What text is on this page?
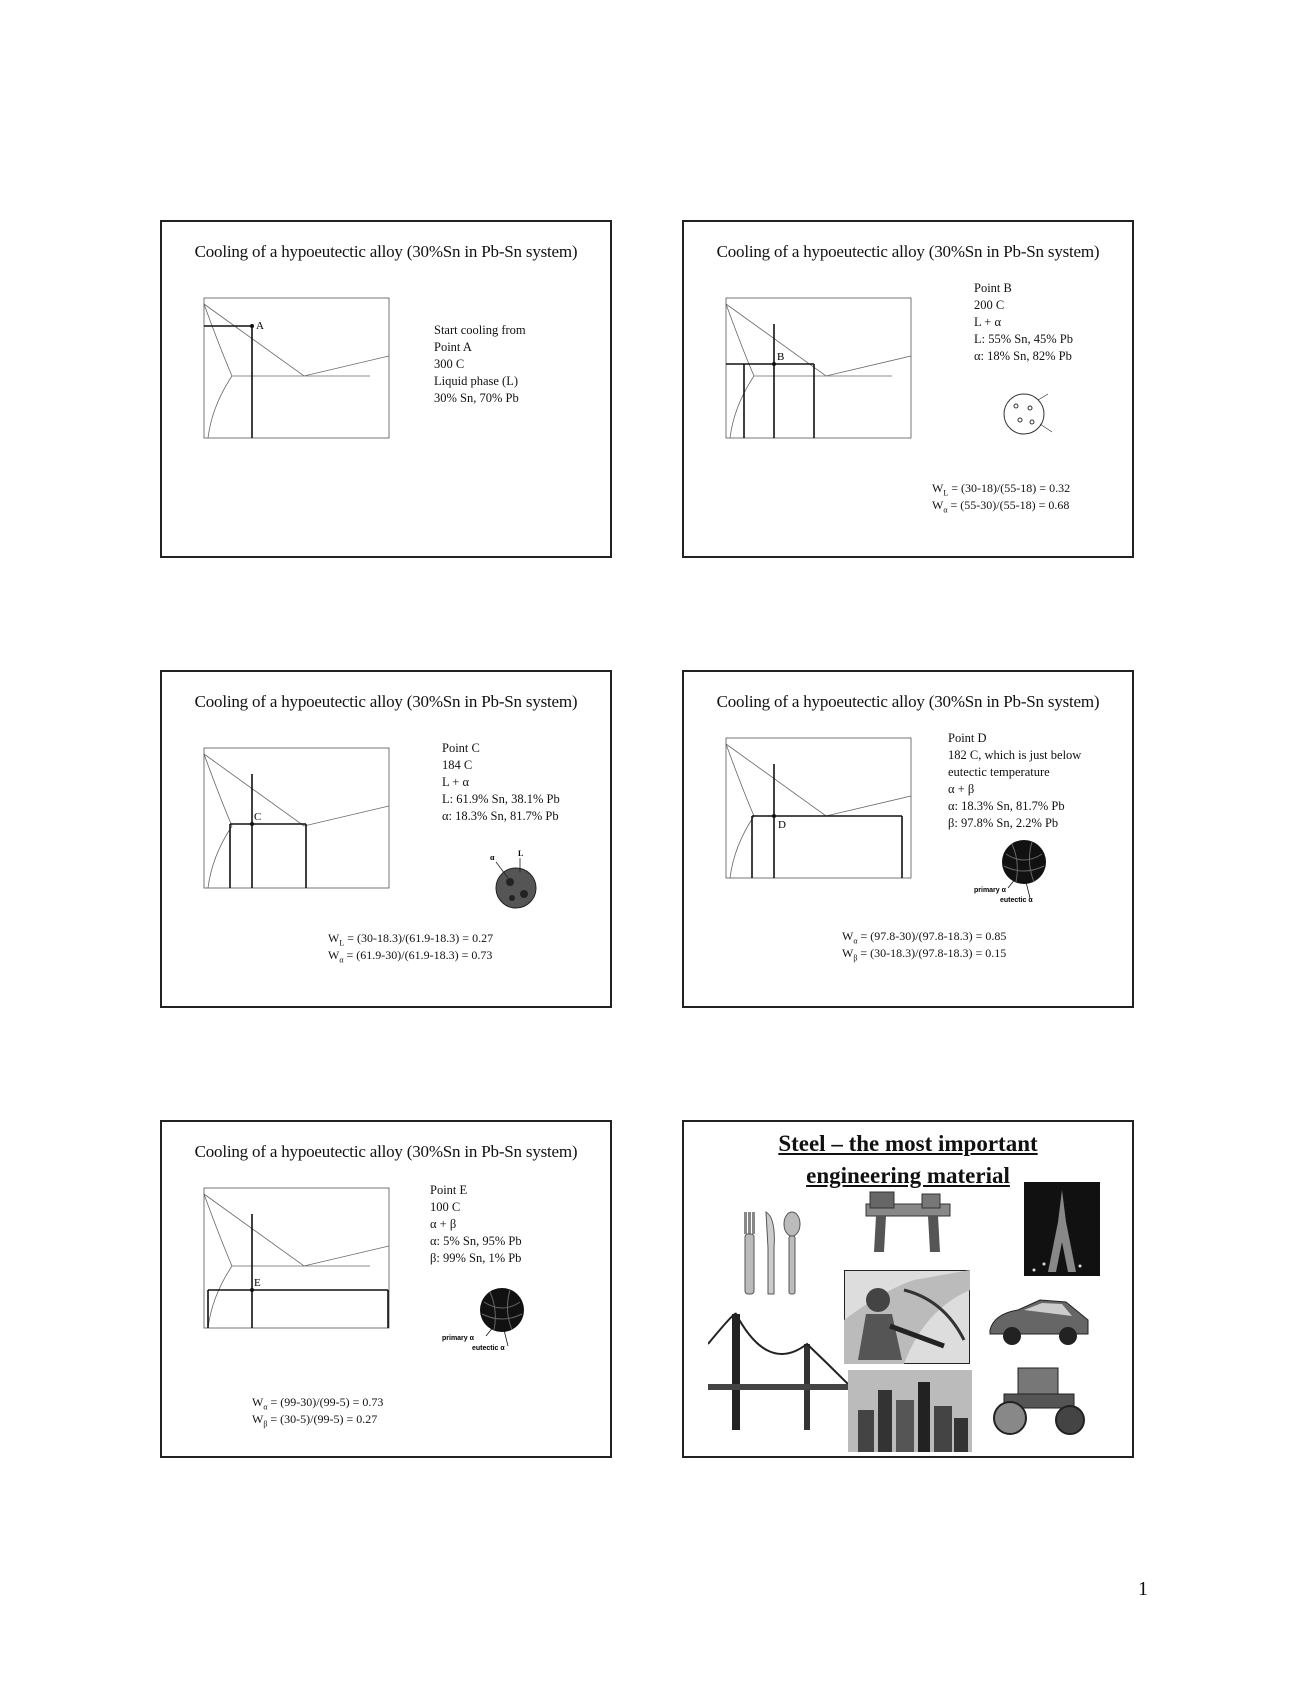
Cooling of a hypoeutectic alloy (30%Sn in Pb-Sn system)
A	Start cooling from
Point A
300 C
Liquid phase (L)
30% Sn, 70% Pb
Cooling of a hypoeutectic alloy (30%Sn in Pb-Sn system)
B
Point B
200 C
L + α
L: 55% Sn, 45% Pb
α: 18% Sn, 82% Pb
$W_L = (30-18)/(55-18) = 0.32$
$W_\alpha = (55-30)/(55-18) = 0.68$
Cooling of a hypoeutectic alloy (30%Sn in Pb-Sn system)
C
Point C
184 C
L + α
L: 61.9% Sn, 38.1% Pb
α: 18.3% Sn, 81.7% Pb
α	L
$W_L = (30-18.3)/(61.9-18.3) = 0.27$
$W_\alpha = (61.9-30)/(61.9-18.3) = 0.73$
Cooling of a hypoeutectic alloy (30%Sn in Pb-Sn system)
D
Point D
182 C, which is just below
eutectic temperature
α + β
α: 18.3% Sn, 81.7% Pb
β: 97.8% Sn, 2.2% Pb
primary α
eutectic α
$W_\alpha = (97.8-30)/(97.8-18.3) = 0.85$
$W_\beta = (30-18.3)/(97.8-18.3) = 0.15$
Cooling of a hypoeutectic alloy (30%Sn in Pb-Sn system)
E
Point E
100 C
α + β
α: 5% Sn, 95% Pb
β: 99% Sn, 1% Pb
primary α
eutectic α
$W_\alpha = (99-30)/(99-5) = 0.73$
$W_\beta = (30-5)/(99-5) = 0.27$
Steel – the most important
engineering material
1
